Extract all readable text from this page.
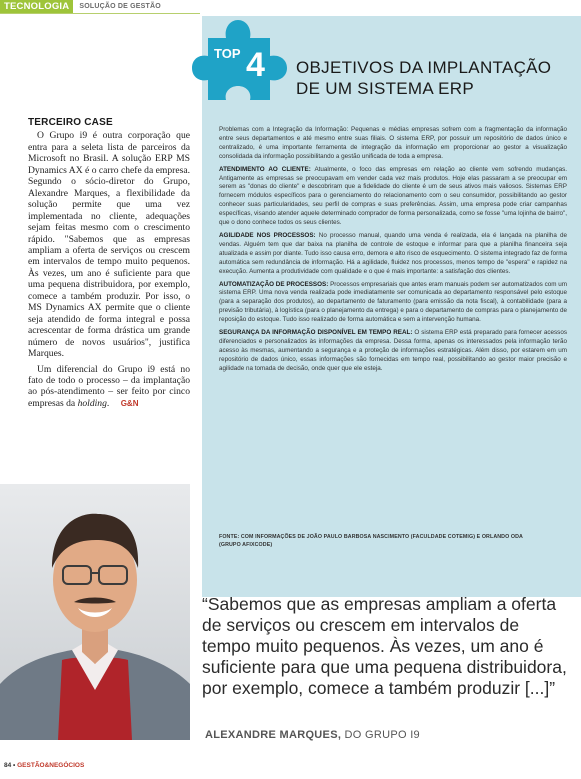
TECNOLOGIA	SOLUÇÃO DE GESTÃO
TOP 4 OBJETIVOS DA IMPLANTAÇÃO
DE UM SISTEMA ERP

Problemas com a Integração da Informação: Pequenas e médias empresas sofrem com a fragmentação da informação entre seus departamentos e até mesmo entre suas filiais. O sistema ERP, por possuir um repositório de dados único e centralizado, é uma importante ferramenta de integração da informação em proporcionar ao gestor a visualização consolidada da informação possibilitando a gestão unificada de toda a empresa.

ATENDIMENTO AO CLIENTE: Atualmente, o foco das empresas em relação ao cliente vem sofrendo mudanças. Antigamente as empresas se preocupavam em vender cada vez mais produtos. Hoje elas passaram a se preocupar em serem as "donas do cliente" e descobriram que a fidelidade do cliente é um de seus ativos mais valiosos. Sistemas ERP fornecem módulos específicos para o gerenciamento do relacionamento com o seu consumidor, possibilitando ao gestor conhecer suas particularidades, seu perfil de compras e suas preferências. Assim, uma empresa pode criar campanhas específicas, visando atender aquele determinado comprador de forma personalizada, como se fosse "uma lojinha de bairro", que o dono conhece todos os seus clientes.

AGILIDADE NOS PROCESSOS: No processo manual, quando uma venda é realizada, ela é lançada na planilha de vendas. Alguém tem que dar baixa na planilha de controle de estoque e informar para que a planilha financeira seja atualizada e assim por diante. Tudo isso causa erro, demora e alto risco de esquecimento. O sistema integrado faz de forma automática sem redundância de informação. Há a agilidade, fluidez nos processos, menos tempo de "espera" e rapidez na execução. Aumenta a produtividade com qualidade e o que é mais importante: a satisfação dos clientes.

AUTOMATIZAÇÃO DE PROCESSOS: Processos empresariais que antes eram manuais podem ser automatizados com um sistema ERP. Uma nova venda realizada pode imediatamente ser comunicada ao departamento responsável pelo estoque (para a separação dos produtos), ao departamento de faturamento (para emissão da nota fiscal), à contabilidade (para a previsão tributária), à logística (para o planejamento da entrega) e para o departamento de compras para o planejamento de reposição do estoque. Tudo isso realizado de forma automática e sem a intervenção humana.

SEGURANÇA DA INFORMAÇÃO DISPONÍVEL EM TEMPO REAL: O sistema ERP está preparado para fornecer acessos diferenciados e personalizados às informações da empresa. Dessa forma, apenas os interessados pela informação terão acesso às mesmas, aumentando a segurança e a proteção de informações estratégicas. Além disso, por estarem em um repositório de dados único, essas informações são fornecidas em tempo real, possibilitando ao gestor maior precisão e agilidade na tomada de decisão, onde quer que ele esteja.

FONTE: COM INFORMAÇÕES DE JOÃO PAULO BARBOSA NASCIMENTO (FACULDADE COTEMIG) E ORLANDO ODA (GRUPO AFIXCODE)
TERCEIRO CASE

O Grupo i9 é outra corporação que entra para a seleta lista de parceiros da Microsoft no Brasil. A solução ERP MS Dynamics AX é o carro chefe da empresa. Segundo o sócio-diretor do Grupo, Alexandre Marques, a flexibilidade da solução permite que uma vez implementada no cliente, adequações sejam feitas mesmo com o crescimento rápido. "Sabemos que as empresas ampliam a oferta de serviços ou crescem em intervalos de tempo muito pequenos. Às vezes, um ano é suficiente para que uma pequena distribuidora, por exemplo, comece a também produzir. Por isso, o MS Dynamics AX permite que o cliente seja atendido de forma integral e possa acrescentar de forma drástica um grande número de novos usuários", justifica Marques.

Um diferencial do Grupo i9 está no fato de todo o processo – da implantação ao pós-atendimento – ser feito por cinco empresas da holding. G&N

“Sabemos que as empresas ampliam a oferta de serviços ou crescem em intervalos de tempo muito pequenos. Às vezes, um ano é suficiente para que uma pequena distribuidora, por exemplo, comece a também produzir [...]”
ALEXANDRE MARQUES, DO GRUPO I9
84 • GESTÃO&NEGÓCIOS
